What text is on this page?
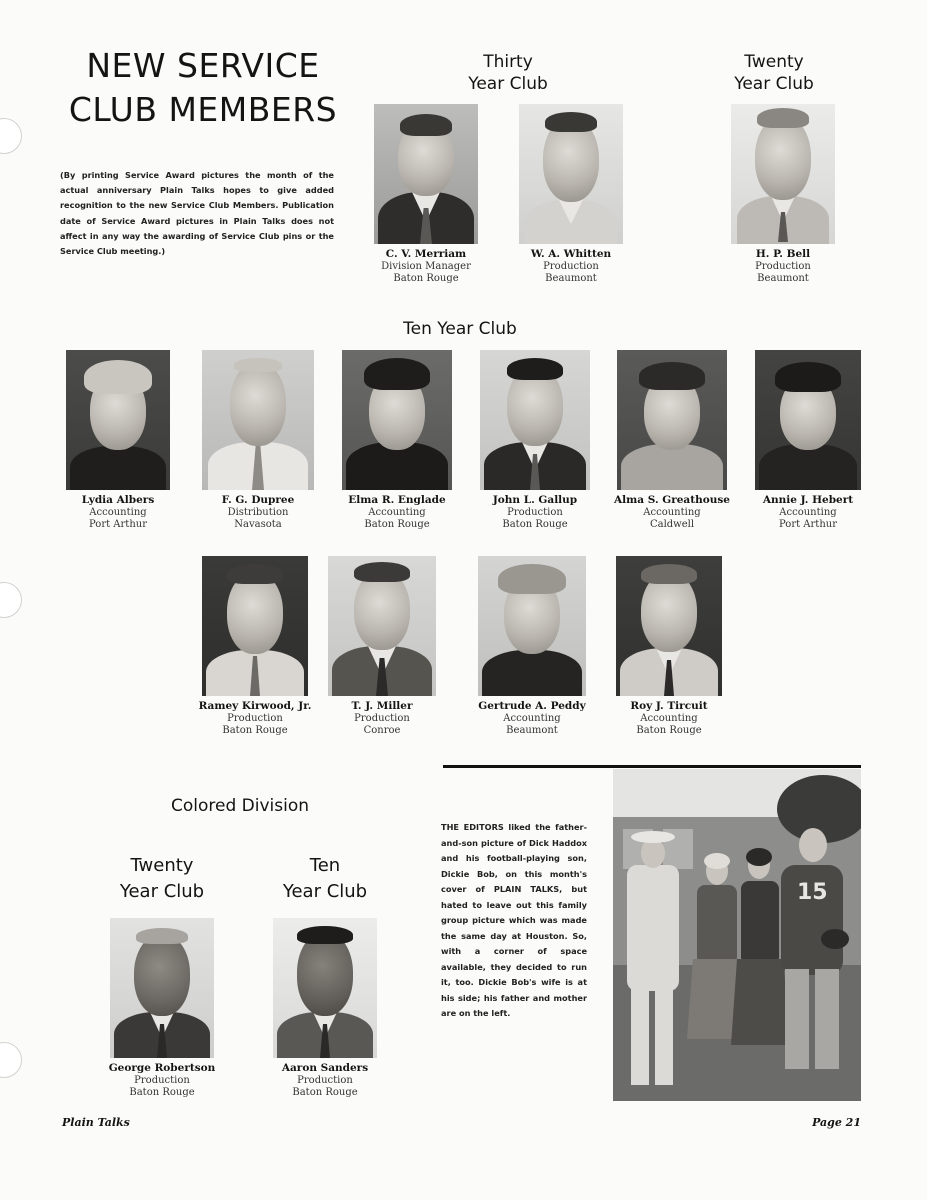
NEW SERVICE
CLUB MEMBERS
(By printing Service Award pictures the month of the actual anniversary Plain Talks hopes to give added recognition to the new Service Club Members. Publication date of Service Award pictures in Plain Talks does not affect in any way the awarding of Service Club pins or the Service Club meeting.)
Thirty
Year Club
Twenty
Year Club
C. V. Merriam
Division Manager
Baton Rouge
W. A. Whitten
Production
Beaumont
H. P. Bell
Production
Beaumont
Ten Year Club
Lydia Albers
Accounting
Port Arthur
F. G. Dupree
Distribution
Navasota
Elma R. Englade
Accounting
Baton Rouge
John L. Gallup
Production
Baton Rouge
Alma S. Greathouse
Accounting
Caldwell
Annie J. Hebert
Accounting
Port Arthur
Ramey Kirwood, Jr.
Production
Baton Rouge
T. J. Miller
Production
Conroe
Gertrude A. Peddy
Accounting
Beaumont
Roy J. Tircuit
Accounting
Baton Rouge
Colored Division
Twenty
Year Club
Ten
Year Club
George Robertson
Production
Baton Rouge
Aaron Sanders
Production
Baton Rouge
THE EDITORS liked the father-and-son picture of Dick Haddox and his football-playing son, Dickie Bob, on this month's cover of PLAIN TALKS, but hated to leave out this family group picture which was made the same day at Houston. So, with a corner of space available, they decided to run it, too. Dickie Bob's wife is at his side; his father and mother are on the left.
15
Plain Talks	Page 21
